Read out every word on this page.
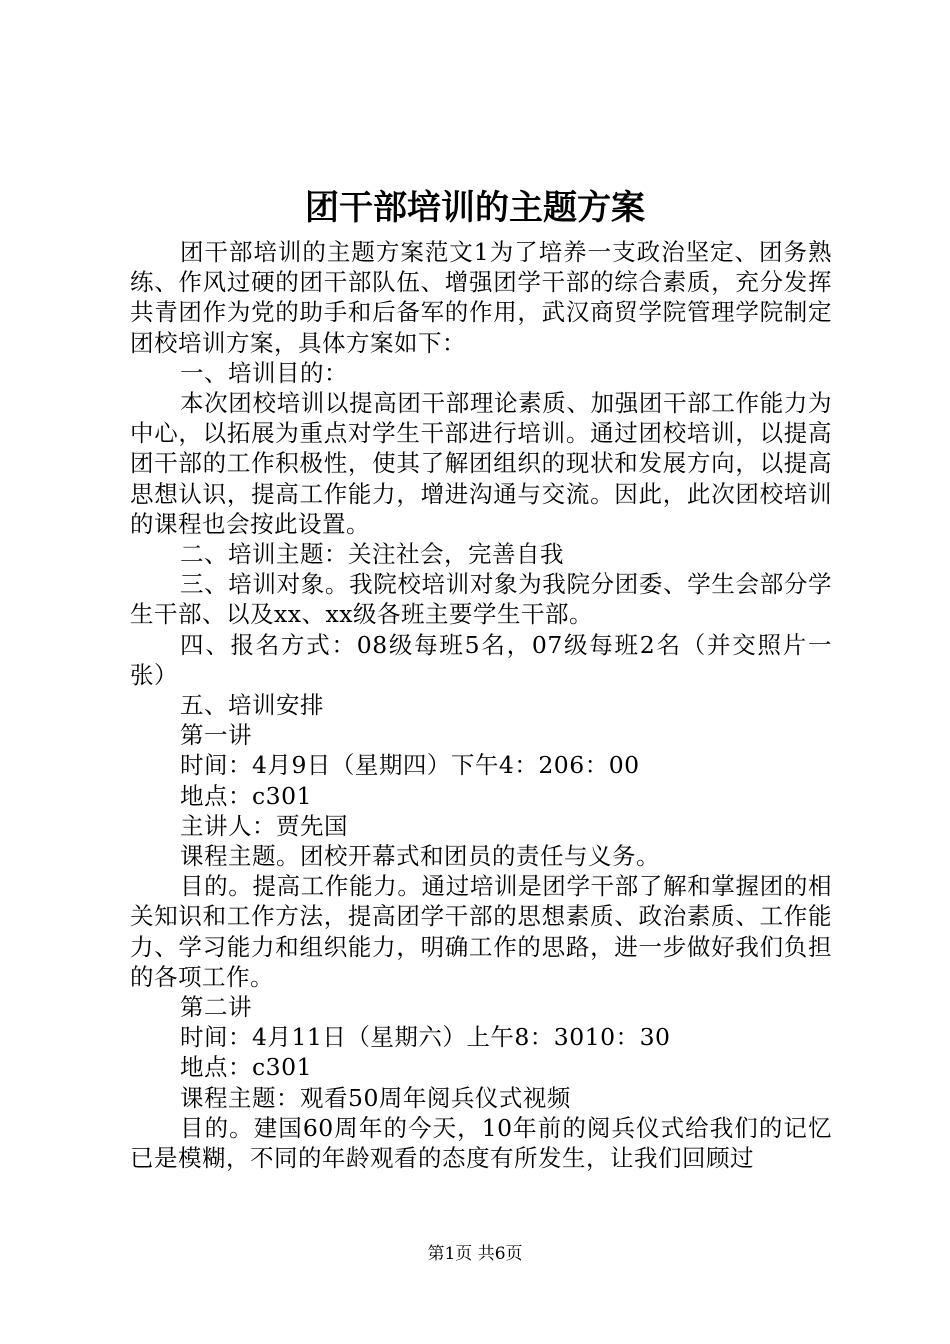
团干部培训的主题方案

团干部培训的主题方案范文1为了培养一支政治坚定、团务熟练、作风过硬的团干部队伍、增强团学干部的综合素质，充分发挥共青团作为党的助手和后备军的作用，武汉商贸学院管理学院制定团校培训方案，具体方案如下：

一、培训目的：

本次团校培训以提高团干部理论素质、加强团干部工作能力为中心，以拓展为重点对学生干部进行培训。通过团校培训，以提高团干部的工作积极性，使其了解团组织的现状和发展方向，以提高思想认识，提高工作能力，增进沟通与交流。因此，此次团校培训的课程也会按此设置。

二、培训主题：关注社会，完善自我

三、培训对象。我院校培训对象为我院分团委、学生会部分学生干部、以及xx、xx级各班主要学生干部。

四、报名方式：08级每班5名，07级每班2名（并交照片一张）

五、培训安排

第一讲

时间：4月9日（星期四）下午4：206：00

地点：c301

主讲人：贾先国

课程主题。团校开幕式和团员的责任与义务。

目的。提高工作能力。通过培训是团学干部了解和掌握团的相关知识和工作方法，提高团学干部的思想素质、政治素质、工作能力、学习能力和组织能力，明确工作的思路，进一步做好我们负担的各项工作。

第二讲

时间：4月11日（星期六）上午8：3010：30

地点：c301

课程主题：观看50周年阅兵仪式视频

目的。建国60周年的今天，10年前的阅兵仪式给我们的记忆已是模糊，不同的年龄观看的态度有所发生，让我们回顾过

第1页 共6页
